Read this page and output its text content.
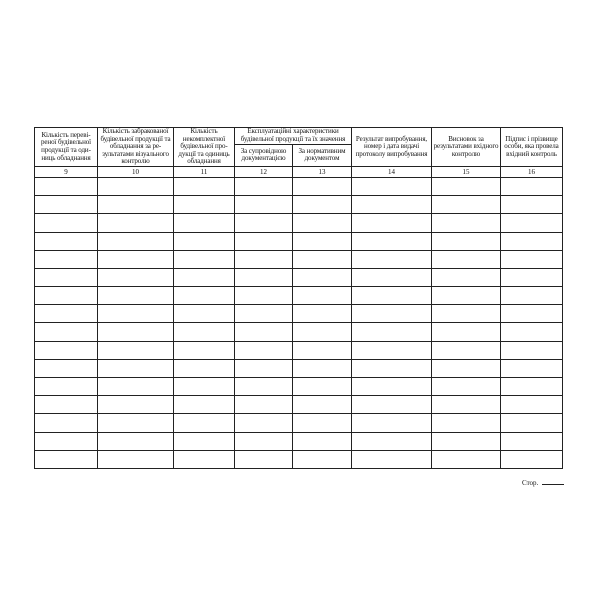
Кількість переві- реної будівельної продукції та оди- ниць обладнання	Кількість забракованої будівельної продукції та обладнання за ре- зультатами візуального контролю	Кількість некомплектної будівельної про- дукції та одиниць обладнання	Експлуатаційні характеристики будівельної продукції та їх значення		Результат випробування, номер і дата видачі протоколу випробування	Висновок за результатами вхідного контролю	Підпис і прізвище особи, яка провела вхідний контроль
			За супровідною документацією	За нормативним документом			
9	10	11	12	13	14	15	16

Стор.
